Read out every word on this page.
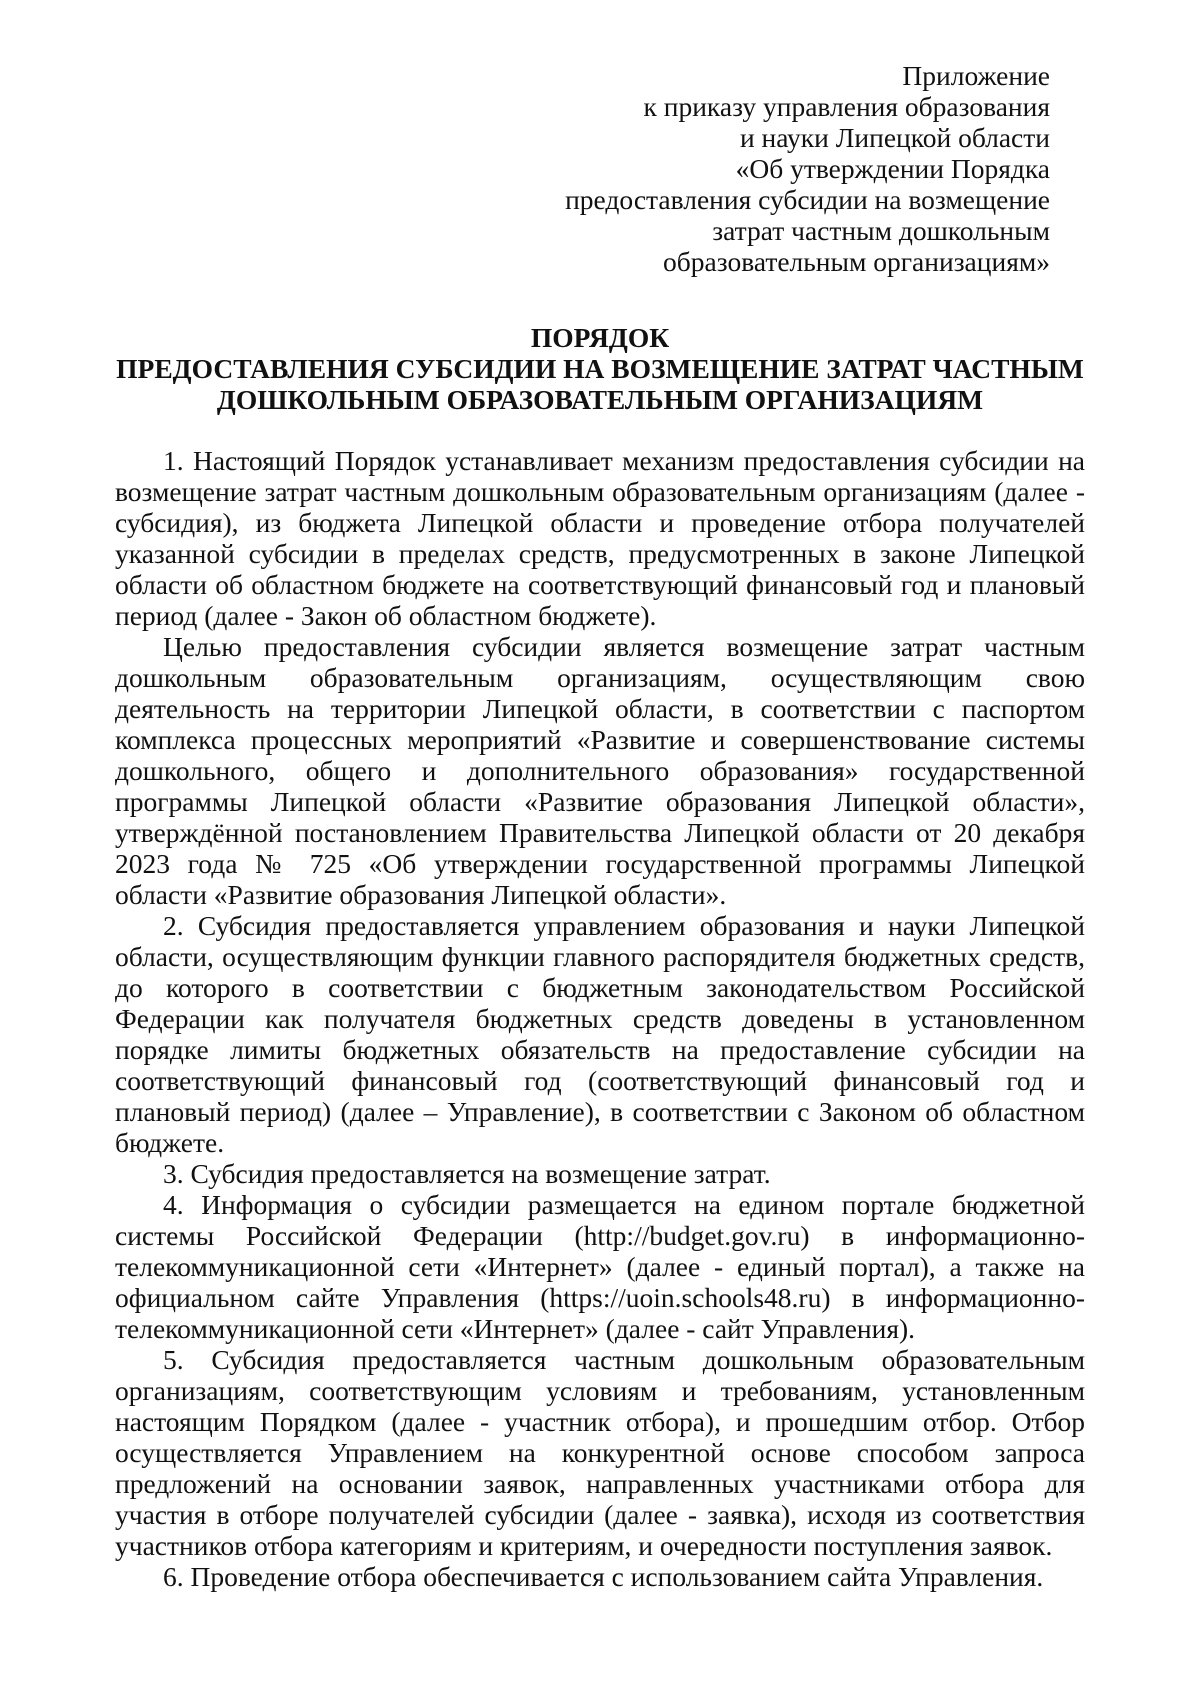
Приложение
к приказу управления образования
и науки Липецкой области
«Об утверждении Порядка
предоставления субсидии на возмещение
затрат частным дошкольным
образовательным организациям»
ПОРЯДОК
ПРЕДОСТАВЛЕНИЯ СУБСИДИИ НА ВОЗМЕЩЕНИЕ ЗАТРАТ ЧАСТНЫМ
ДОШКОЛЬНЫМ ОБРАЗОВАТЕЛЬНЫМ ОРГАНИЗАЦИЯМ

1. Настоящий Порядок устанавливает механизм предоставления субсидии на возмещение затрат частным дошкольным образовательным организациям (далее - субсидия), из бюджета Липецкой области и проведение отбора получателей указанной субсидии в пределах средств, предусмотренных в законе Липецкой области об областном бюджете на соответствующий финансовый год и плановый период (далее - Закон об областном бюджете).

Целью предоставления субсидии является возмещение затрат частным дошкольным образовательным организациям, осуществляющим свою деятельность на территории Липецкой области, в соответствии с паспортом комплекса процессных мероприятий «Развитие и совершенствование системы дошкольного, общего и дополнительного образования» государственной программы Липецкой области «Развитие образования Липецкой области», утверждённой постановлением Правительства Липецкой области от 20 декабря 2023 года № 725 «Об утверждении государственной программы Липецкой области «Развитие образования Липецкой области».

2. Субсидия предоставляется управлением образования и науки Липецкой области, осуществляющим функции главного распорядителя бюджетных средств, до которого в соответствии с бюджетным законодательством Российской Федерации как получателя бюджетных средств доведены в установленном порядке лимиты бюджетных обязательств на предоставление субсидии на соответствующий финансовый год (соответствующий финансовый год и плановый период) (далее – Управление), в соответствии с Законом об областном бюджете.

3. Субсидия предоставляется на возмещение затрат.

4. Информация о субсидии размещается на едином портале бюджетной системы Российской Федерации (http://budget.gov.ru) в информационно-телекоммуникационной сети «Интернет» (далее - единый портал), а также на официальном сайте Управления (https://uoin.schools48.ru) в информационно-телекоммуникационной сети «Интернет» (далее - сайт Управления).

5. Субсидия предоставляется частным дошкольным образовательным организациям, соответствующим условиям и требованиям, установленным настоящим Порядком (далее - участник отбора), и прошедшим отбор. Отбор осуществляется Управлением на конкурентной основе способом запроса предложений на основании заявок, направленных участниками отбора для участия в отборе получателей субсидии (далее - заявка), исходя из соответствия участников отбора категориям и критериям, и очередности поступления заявок.

6. Проведение отбора обеспечивается с использованием сайта Управления.
